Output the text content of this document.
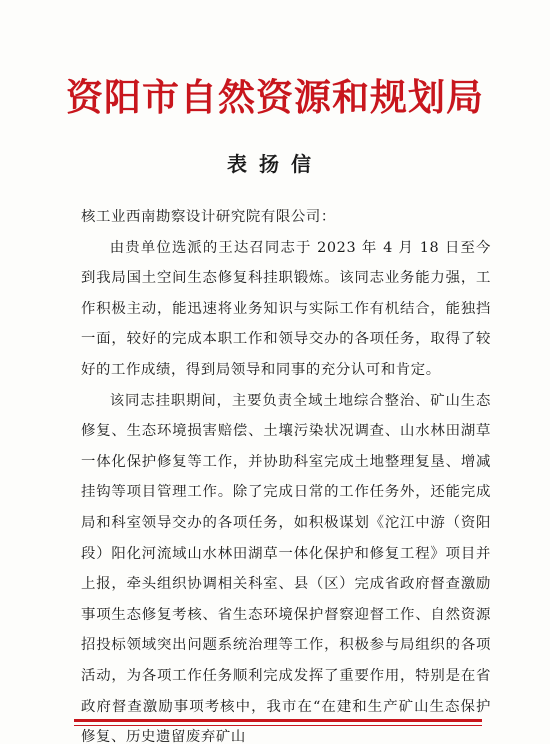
资阳市自然资源和规划局
表扬信

核工业西南勘察设计研究院有限公司：

由贵单位选派的王达召同志于 2023 年 4 月 18 日至今到我局国土空间生态修复科挂职锻炼。该同志业务能力强，工作积极主动，能迅速将业务知识与实际工作有机结合，能独挡一面，较好的完成本职工作和领导交办的各项任务，取得了较好的工作成绩，得到局领导和同事的充分认可和肯定。

该同志挂职期间，主要负责全域土地综合整治、矿山生态修复、生态环境损害赔偿、土壤污染状况调查、山水林田湖草一体化保护修复等工作，并协助科室完成土地整理复垦、增减挂钩等项目管理工作。除了完成日常的工作任务外，还能完成局和科室领导交办的各项任务，如积极谋划《沱江中游（资阳段）阳化河流域山水林田湖草一体化保护和修复工程》项目并上报，牵头组织协调相关科室、县（区）完成省政府督查激励事项生态修复考核、省生态环境保护督察迎督工作、自然资源招投标领域突出问题系统治理等工作，积极参与局组织的各项活动，为各项工作任务顺利完成发挥了重要作用，特别是在省政府督查激励事项考核中，我市在“在建和生产矿山生态保护修复、历史遗留废弃矿山
